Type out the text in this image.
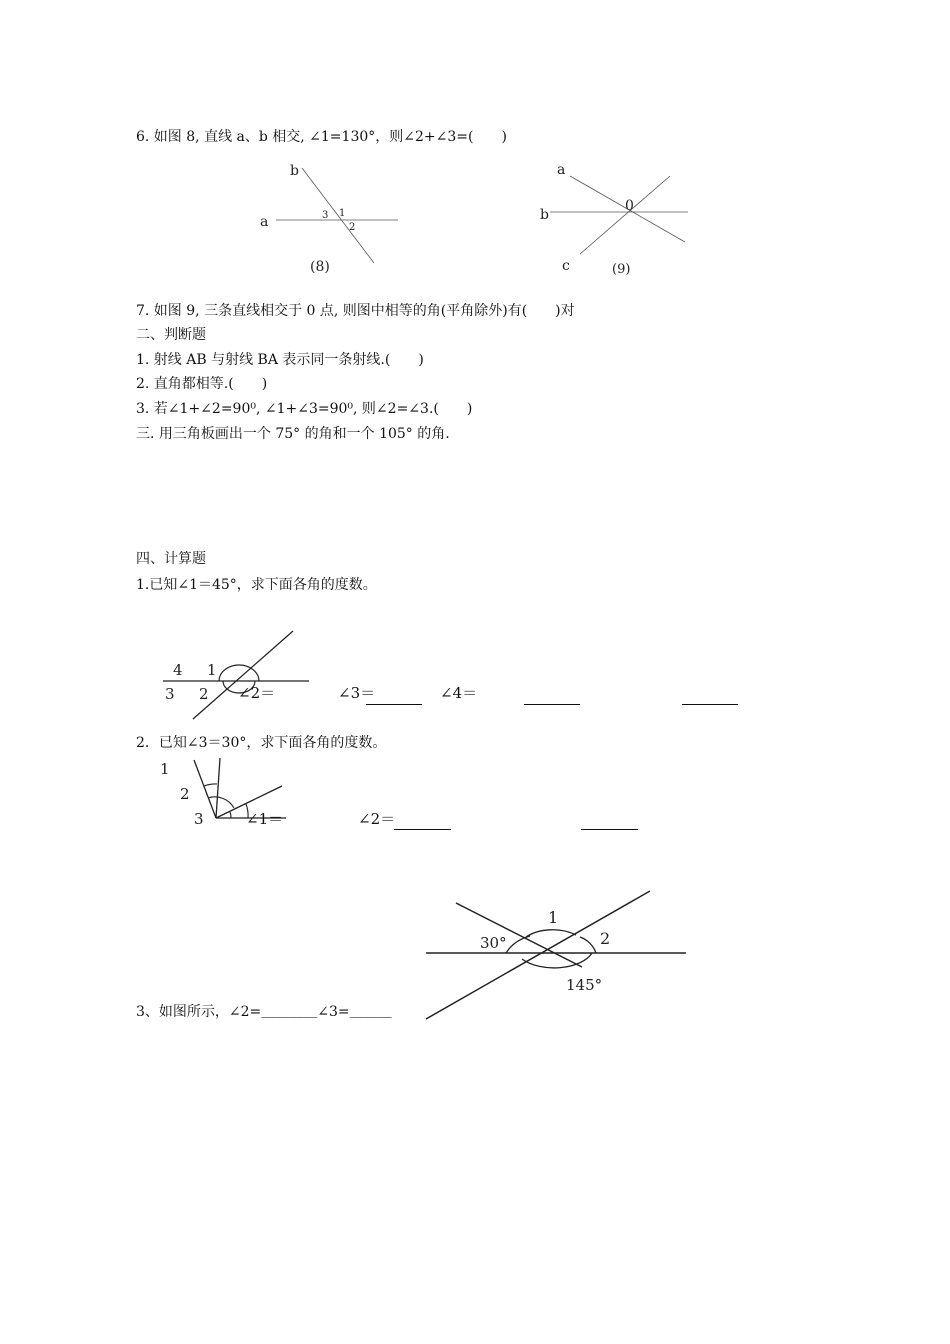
6. 如图 8, 直线 a、b 相交, ∠1=130°，则∠2+∠3=(　　)
b
a	3 1
2
(8)
a
b
0
c	(9)
7. 如图 9, 三条直线相交于 0 点, 则图中相等的角(平角除外)有(　　)对
二、判断题
1. 射线 AB 与射线 BA 表示同一条射线.(　　)
2. 直角都相等.(　　)
3. 若∠1+∠2=90⁰, ∠1+∠3=90⁰, 则∠2=∠3.(　　)
三. 用三角板画出一个 75° 的角和一个 105° 的角.
四、计算题
1.已知∠1＝45°，求下面各角的度数。
4 1
3 2 ∠2＝	∠3＝	∠4＝
2．已知∠3＝30°，求下面各角的度数。
1
2
3	∠1＝	∠2＝
1
2
30°
145°
3、如图所示，∠2=＿＿＿＿∠3=＿＿＿
